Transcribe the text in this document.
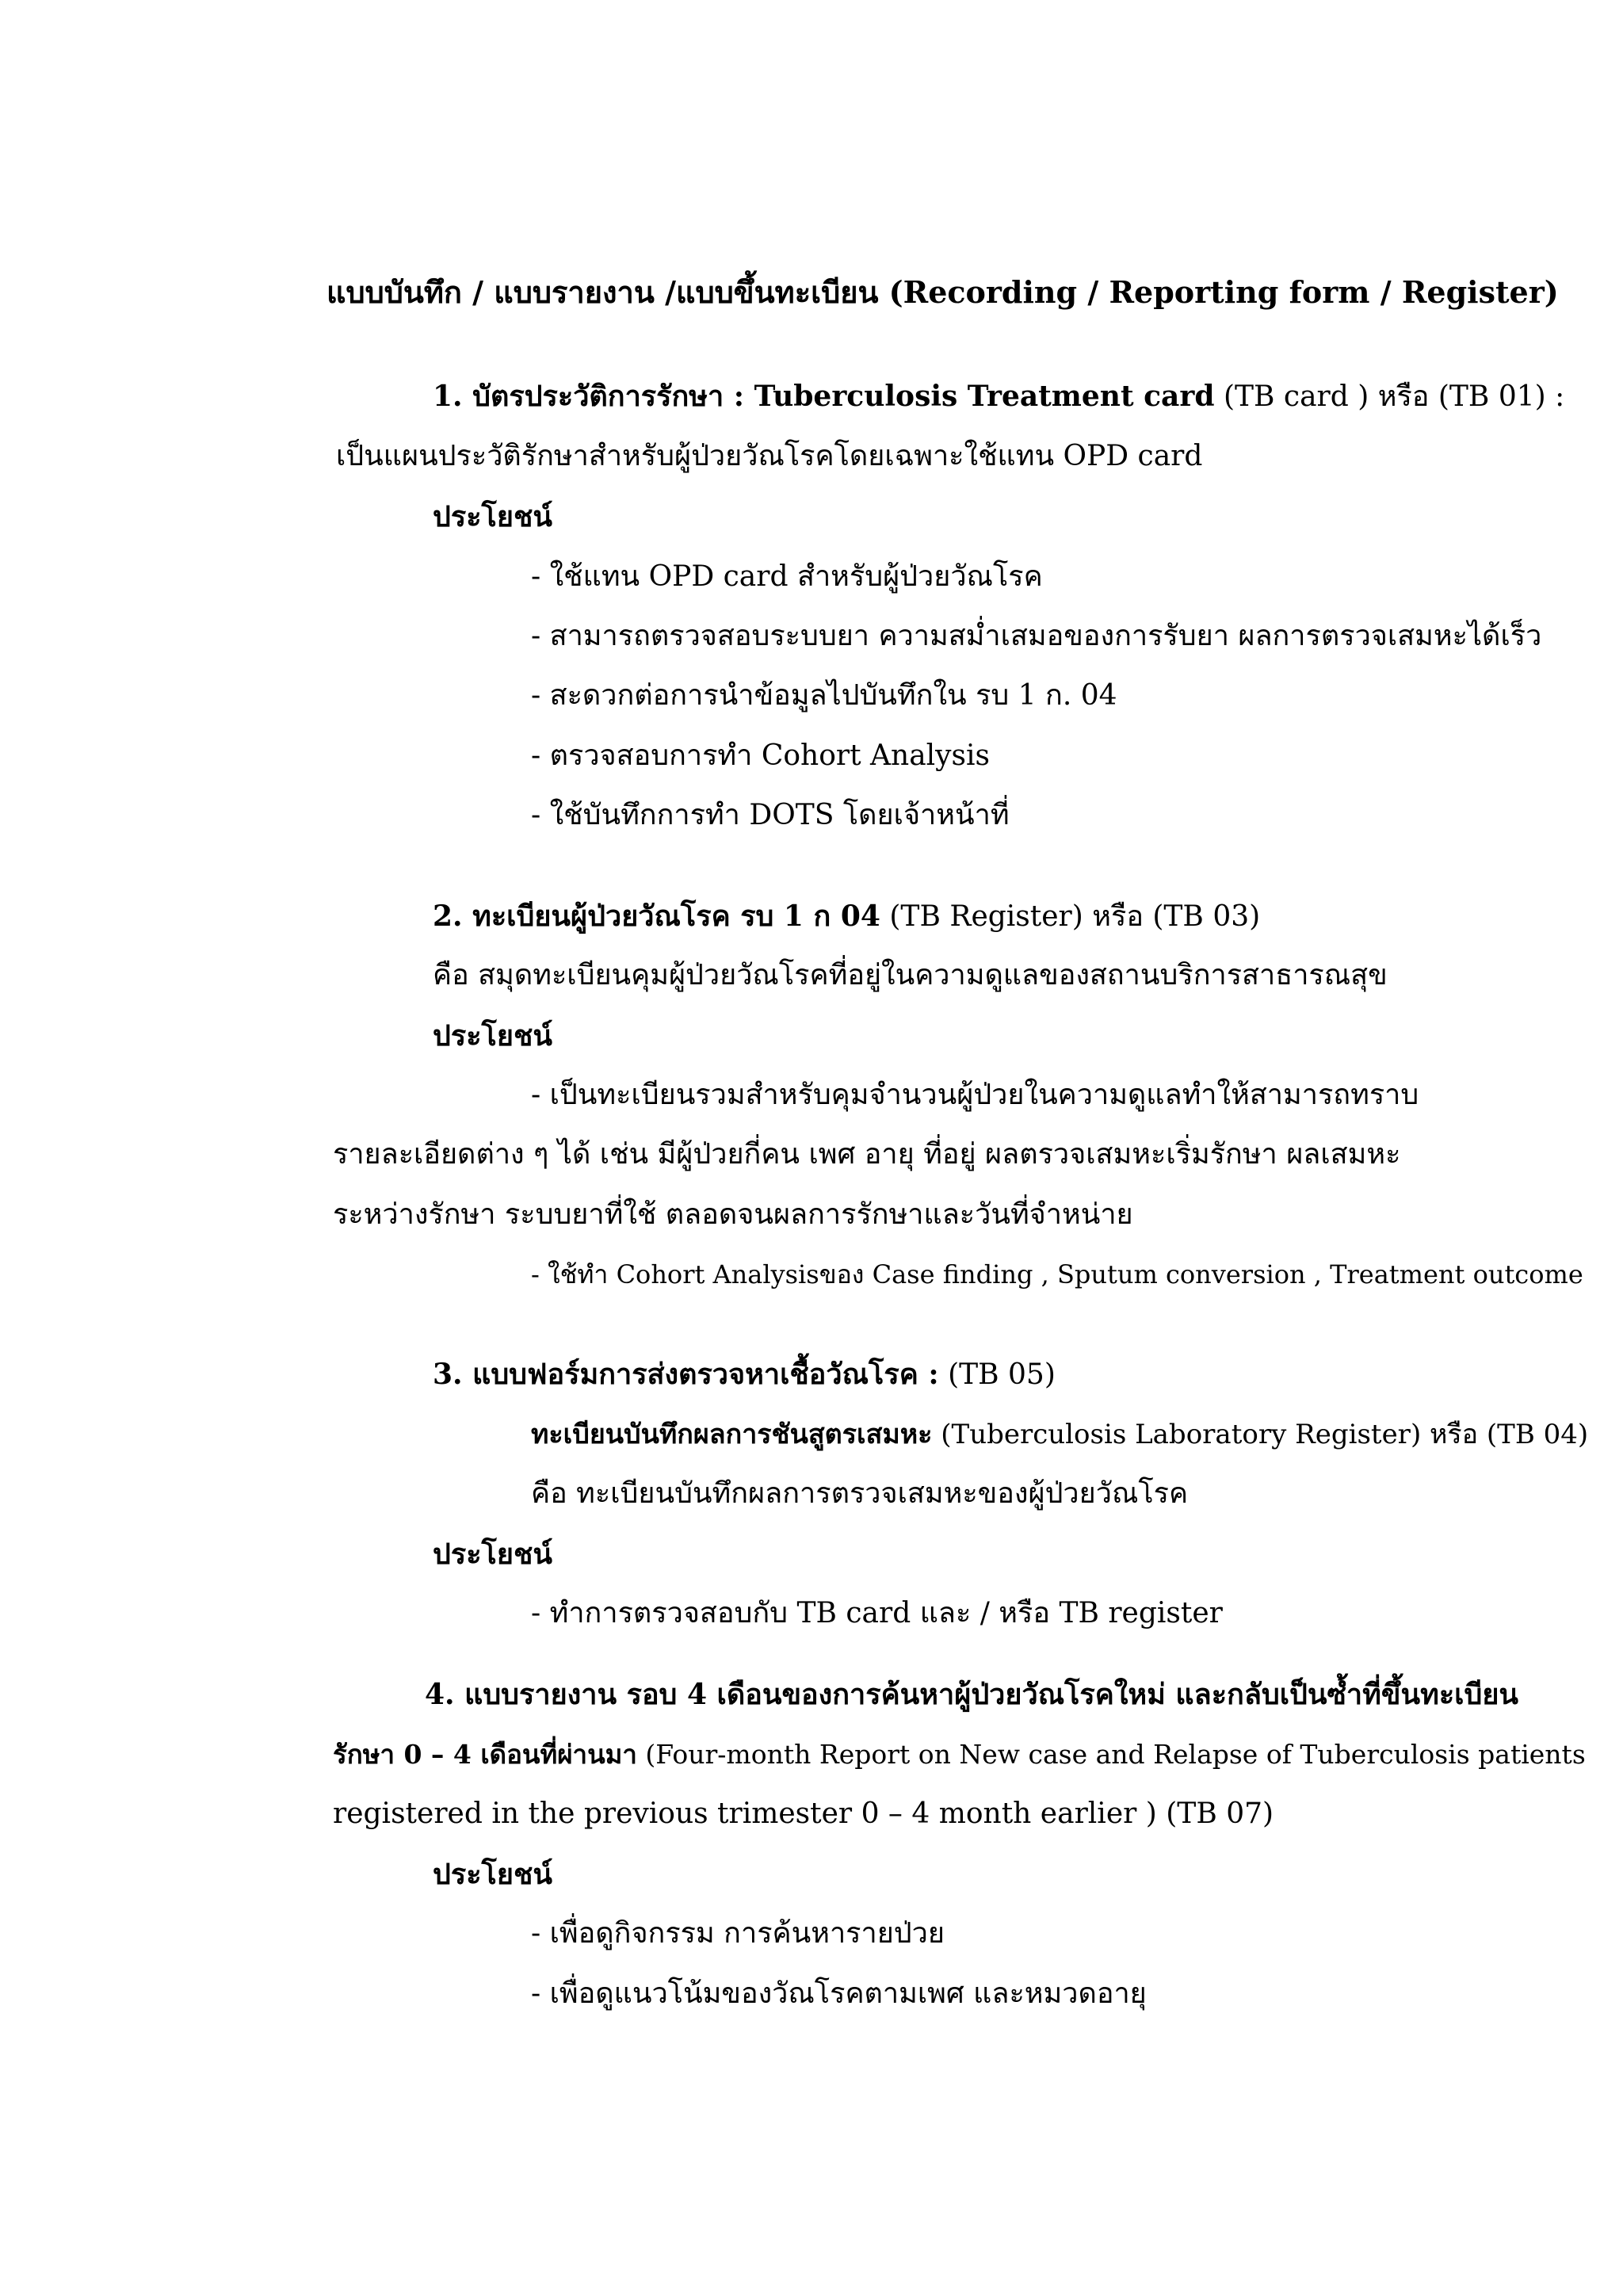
แบบบันทึก / แบบรายงาน /แบบขึ้นทะเบียน (Recording / Reporting form / Register)
1. บัตรประวัติการรักษา : Tuberculosis Treatment card (TB card ) หรือ (TB 01) :
เป็นแผนประวัติรักษาสำหรับผู้ป่วยวัณโรคโดยเฉพาะใช้แทน OPD card
ประโยชน์
- ใช้แทน OPD card สำหรับผู้ป่วยวัณโรค
- สามารถตรวจสอบระบบยา ความสม่ำเสมอของการรับยา ผลการตรวจเสมหะได้เร็ว
- สะดวกต่อการนำข้อมูลไปบันทึกใน รบ 1 ก. 04
- ตรวจสอบการทำ Cohort Analysis
- ใช้บันทึกการทำ DOTS โดยเจ้าหน้าที่
2. ทะเบียนผู้ป่วยวัณโรค รบ 1 ก 04 (TB Register) หรือ (TB 03)
คือ สมุดทะเบียนคุมผู้ป่วยวัณโรคที่อยู่ในความดูแลของสถานบริการสาธารณสุข
ประโยชน์
- เป็นทะเบียนรวมสำหรับคุมจำนวนผู้ป่วยในความดูแลทำให้สามารถทราบ
รายละเอียดต่าง ๆ ได้ เช่น มีผู้ป่วยกี่คน เพศ อายุ ที่อยู่ ผลตรวจเสมหะเริ่มรักษา ผลเสมหะ
ระหว่างรักษา ระบบยาที่ใช้ ตลอดจนผลการรักษาและวันที่จำหน่าย
- ใช้ทำ Cohort Analysisของ Case finding , Sputum conversion , Treatment outcome
3. แบบฟอร์มการส่งตรวจหาเชื้อวัณโรค : (TB 05)
ทะเบียนบันทึกผลการชันสูตรเสมหะ (Tuberculosis Laboratory Register) หรือ (TB 04)
คือ ทะเบียนบันทึกผลการตรวจเสมหะของผู้ป่วยวัณโรค
ประโยชน์
- ทำการตรวจสอบกับ TB card และ / หรือ TB register
4. แบบรายงาน รอบ 4 เดือนของการค้นหาผู้ป่วยวัณโรคใหม่ และกลับเป็นซ้ำที่ขึ้นทะเบียน
รักษา 0 – 4 เดือนที่ผ่านมา (Four-month Report on New case and Relapse of Tuberculosis patients
registered in the previous trimester 0 – 4 month earlier ) (TB 07)
ประโยชน์
- เพื่อดูกิจกรรม การค้นหารายป่วย
- เพื่อดูแนวโน้มของวัณโรคตามเพศ และหมวดอายุ
